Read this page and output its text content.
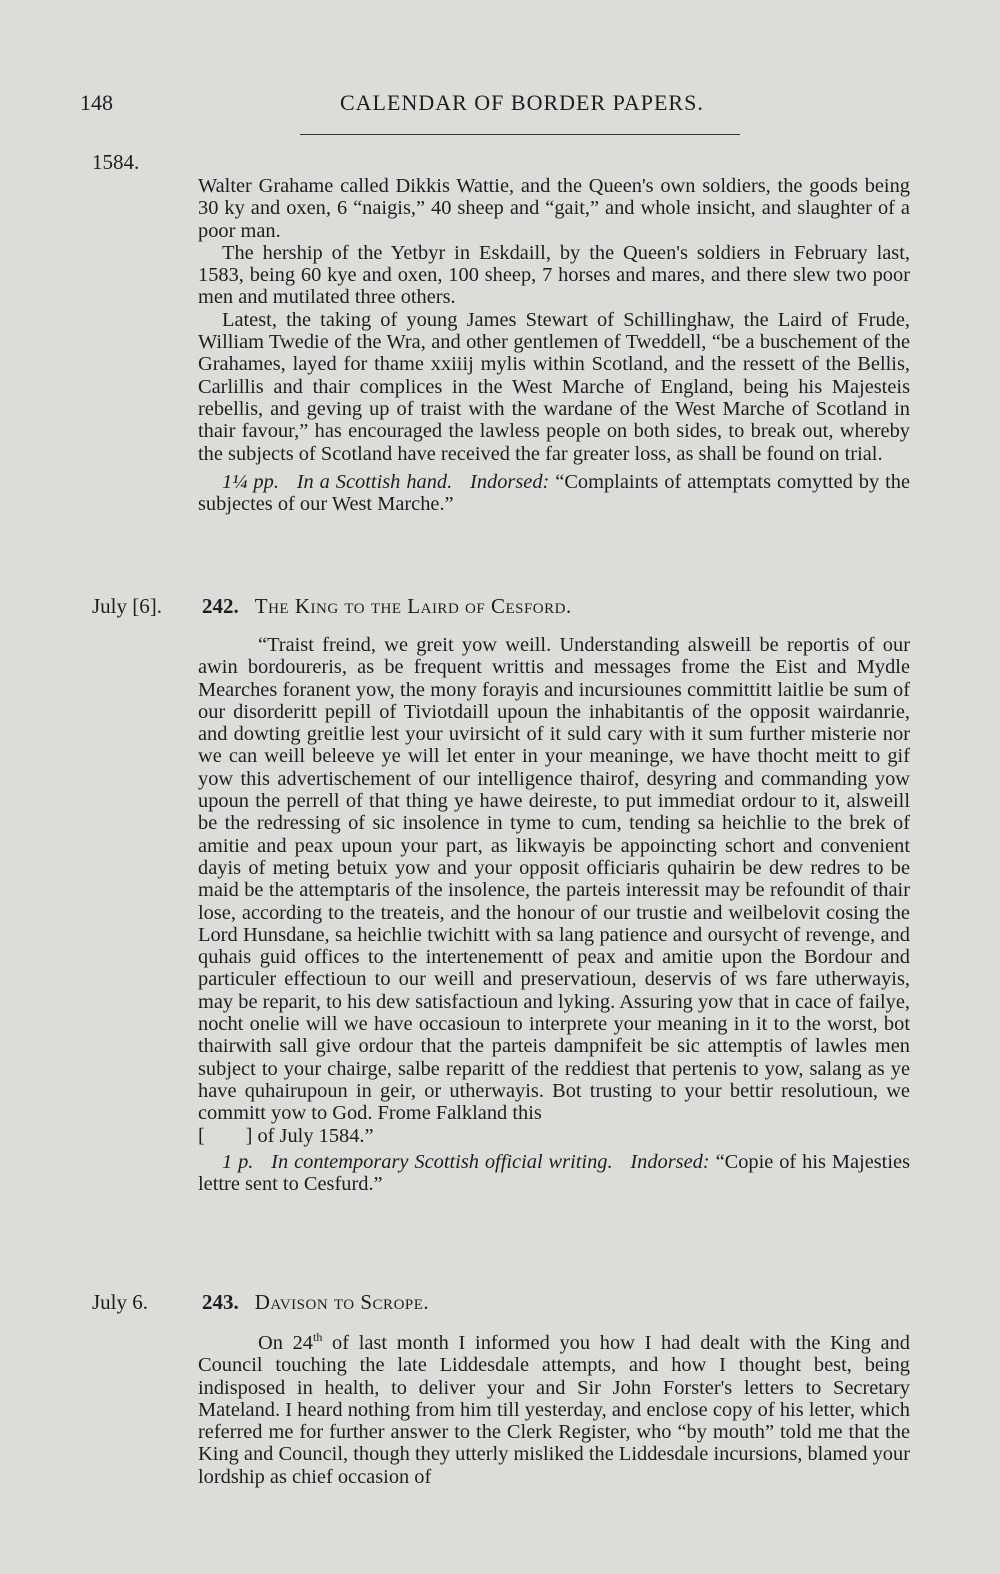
148	CALENDAR OF BORDER PAPERS.
1584.

Walter Grahame called Dikkis Wattie, and the Queen's own soldiers, the goods being 30 ky and oxen, 6 “naigis,” 40 sheep and “gait,” and whole insicht, and slaughter of a poor man.

The hership of the Yetbyr in Eskdaill, by the Queen's soldiers in February last, 1583, being 60 kye and oxen, 100 sheep, 7 horses and mares, and there slew two poor men and mutilated three others.

Latest, the taking of young James Stewart of Schillinghaw, the Laird of Frude, William Twedie of the Wra, and other gentlemen of Tweddell, “be a buschement of the Grahames, layed for thame xxiiij mylis within Scotland, and the ressett of the Bellis, Carlillis and thair complices in the West Marche of England, being his Majesteis rebellis, and geving up of traist with the wardane of the West Marche of Scotland in thair favour,” has encouraged the lawless people on both sides, to break out, whereby the subjects of Scotland have received the far greater loss, as shall be found on trial.

1¼ pp. In a Scottish hand. Indorsed: “Complaints of attemptats comytted by the subjectes of our West Marche.”

July [6].	242. The King to the Laird of Cesford.

“Traist freind, we greit yow weill. Understanding alsweill be reportis of our awin bordoureris, as be frequent writtis and messages frome the Eist and Mydle Mearches foranent yow, the mony forayis and incursiounes committitt laitlie be sum of our disorderitt pepill of Tiviotdaill upoun the inhabitantis of the opposit wairdanrie, and dowting greitlie lest your uvirsicht of it suld cary with it sum further misterie nor we can weill beleeve ye will let enter in your meaninge, we have thocht meitt to gif yow this advertischement of our intelligence thairof, desyring and commanding yow upoun the perrell of that thing ye hawe deireste, to put immediat ordour to it, alsweill be the redressing of sic insolence in tyme to cum, tending sa heichlie to the brek of amitie and peax upoun your part, as likwayis be appoincting schort and convenient dayis of meting betuix yow and your opposit officiaris quhairin be dew redres to be maid be the attemptaris of the insolence, the parteis interessit may be refoundit of thair lose, according to the treateis, and the honour of our trustie and weilbelovit cosing the Lord Hunsdane, sa heichlie twichitt with sa lang patience and oursycht of revenge, and quhais guid offices to the intertenementt of peax and amitie upon the Bordour and particuler effectioun to our weill and preservatioun, deservis of ws fare utherwayis, may be reparit, to his dew satisfactioun and lyking. Assuring yow that in cace of failye, nocht onelie will we have occasioun to interprete your meaning in it to the worst, bot thairwith sall give ordour that the parteis dampnifeit be sic attemptis of lawles men subject to your chairge, salbe reparitt of the reddiest that pertenis to yow, salang as ye have quhairupoun in geir, or utherwayis. Bot trusting to your bettir resolutioun, we committ yow to God. Frome Falkland this

[        ] of July 1584.”

1 p. In contemporary Scottish official writing. Indorsed: “Copie of his Majesties lettre sent to Cesfurd.”

July 6.	243. Davison to Scrope.

On 24th of last month I informed you how I had dealt with the King and Council touching the late Liddesdale attempts, and how I thought best, being indisposed in health, to deliver your and Sir John Forster's letters to Secretary Mateland. I heard nothing from him till yesterday, and enclose copy of his letter, which referred me for further answer to the Clerk Register, who “by mouth” told me that the King and Council, though they utterly misliked the Liddesdale incursions, blamed your lordship as chief occasion of
